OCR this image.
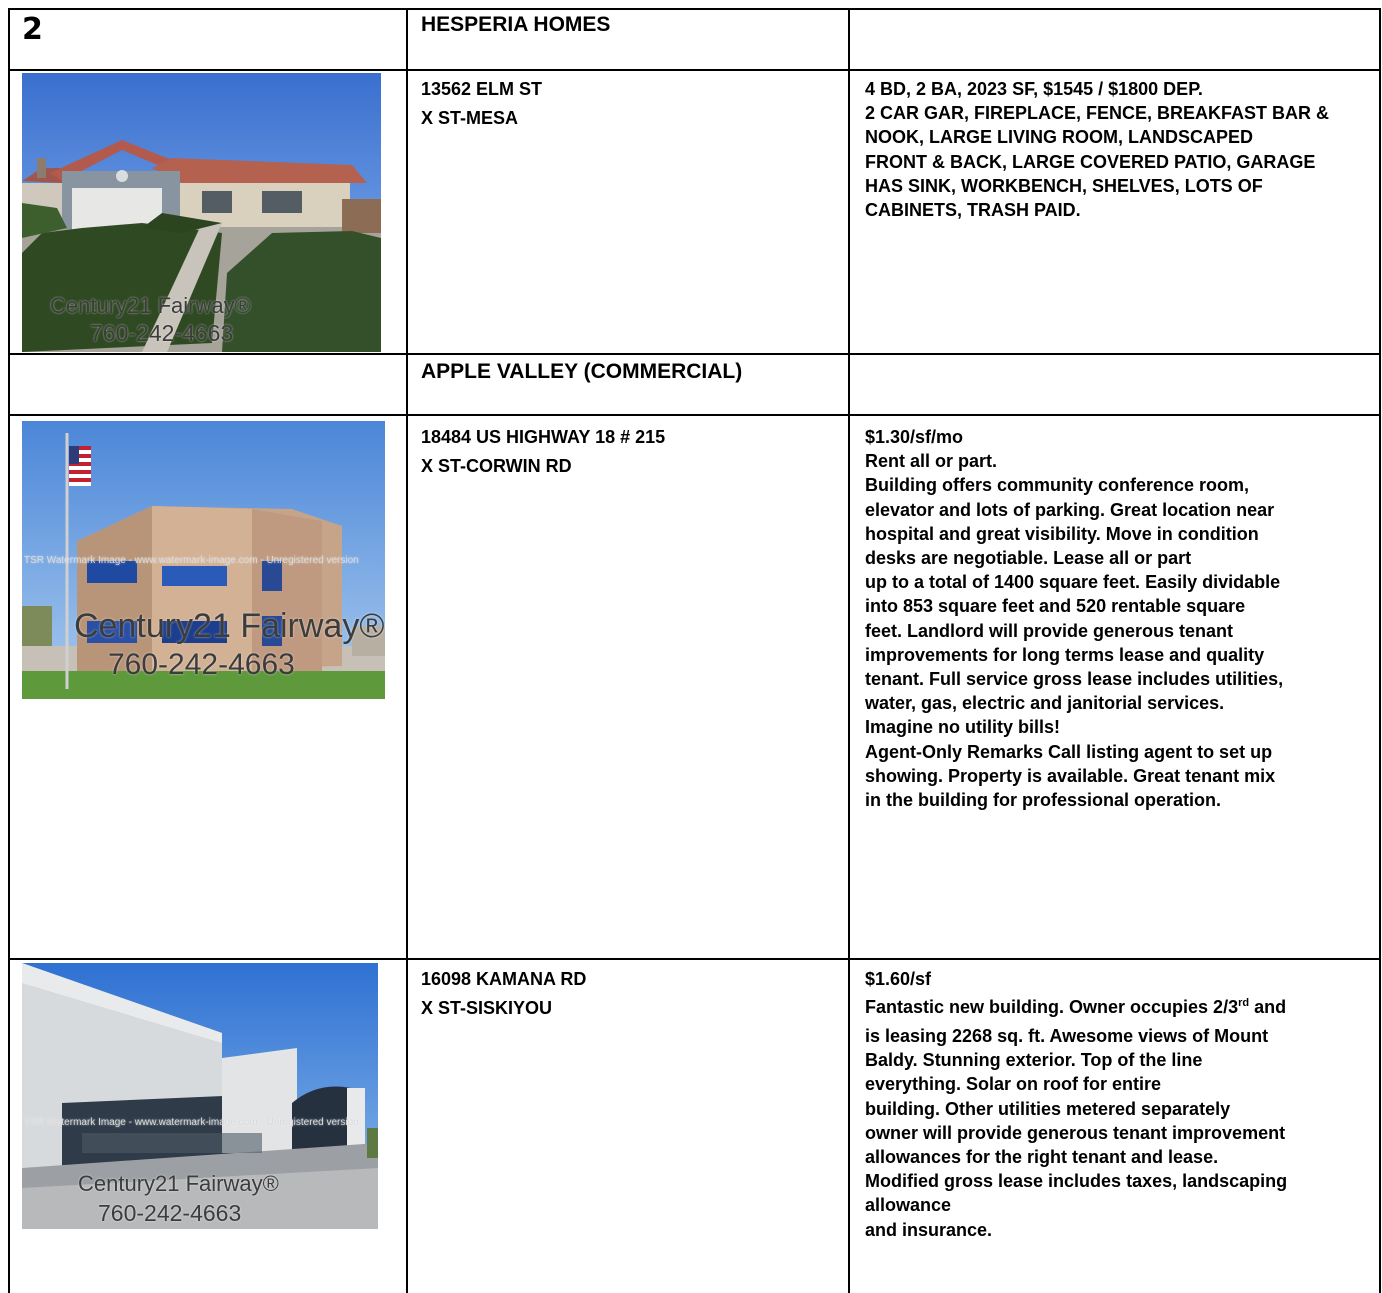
2	HESPERIA HOMES
Century21 Fairway®
760-242-4663
13562 ELM ST
X ST-MESA
4 BD, 2 BA, 2023 SF, $1545 / $1800 DEP.
2 CAR GAR, FIREPLACE, FENCE, BREAKFAST BAR &
NOOK, LARGE LIVING ROOM, LANDSCAPED
FRONT & BACK, LARGE COVERED PATIO, GARAGE
HAS SINK, WORKBENCH, SHELVES, LOTS OF
CABINETS, TRASH PAID.
APPLE VALLEY (COMMERCIAL)
TSR Watermark Image - www.watermark-image.com - Unregistered version
Century21 Fairway®
760-242-4663
18484 US HIGHWAY 18 # 215
X ST-CORWIN RD
$1.30/sf/mo
Rent all or part.
Building offers community conference room,
elevator and lots of parking. Great location near
hospital and great visibility. Move in condition
desks are negotiable. Lease all or part
up to a total of 1400 square feet. Easily dividable
into 853 square feet and 520 rentable square
feet. Landlord will provide generous tenant
improvements for long terms lease and quality
tenant. Full service gross lease includes utilities,
water, gas, electric and janitorial services.
Imagine no utility bills!
Agent-Only Remarks Call listing agent to set up
showing. Property is available. Great tenant mix
in the building for professional operation.
TSR Watermark Image - www.watermark-image.com - Unregistered version
Century21 Fairway®
760-242-4663
16098 KAMANA RD
X ST-SISKIYOU
$1.60/sf
Fantastic new building. Owner occupies 2/3rd and
is leasing 2268 sq. ft. Awesome views of Mount
Baldy. Stunning exterior. Top of the line
everything. Solar on roof for entire
building. Other utilities metered separately
owner will provide generous tenant improvement
allowances for the right tenant and lease.
Modified gross lease includes taxes, landscaping
allowance
and insurance.
